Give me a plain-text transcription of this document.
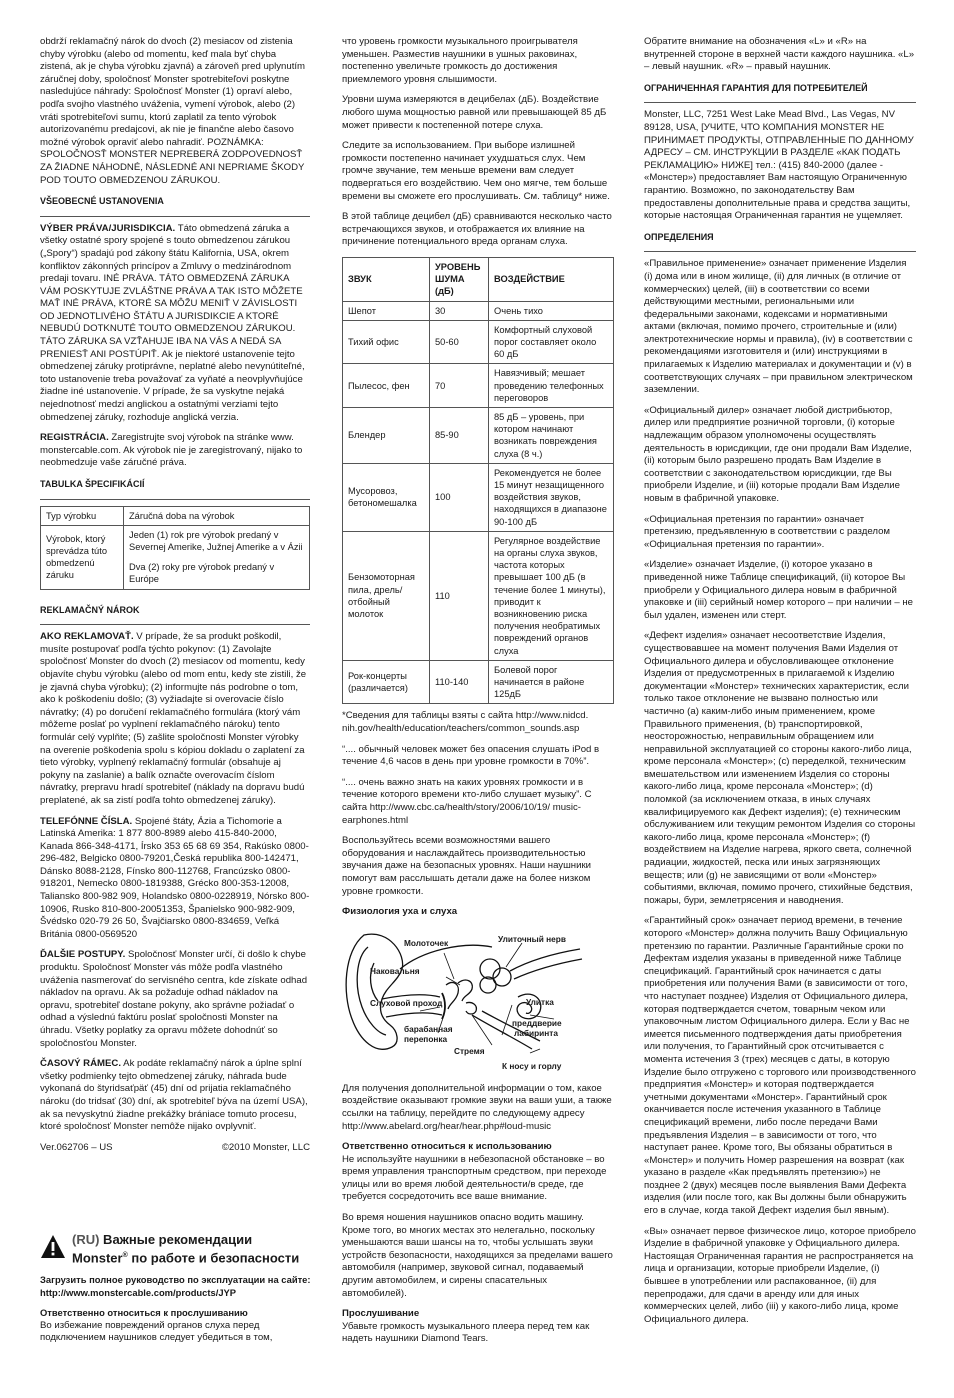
obdrží reklamačný nárok do dvoch (2) mesiacov od zistenia chyby výrobku (alebo od momentu, keď mala byť chyba zistená, ak je chyba výrobku zjavná) a zároveň pred uplynutím záručnej doby, spoločnosť Monster spotrebiteľovi poskytne nasledujúce náhrady: Spoločnosť Monster (1) opraví alebo, podľa svojho vlastného uváženia, vymení výrobok, alebo (2) vráti spotrebiteľovi sumu, ktorú zaplatil za tento výrobok autorizovanému predajcovi, ak nie je finančne alebo časovo možné výrobok opraviť alebo nahradiť. POZNÁMKA: SPOLOČNOSŤ MONSTER NEPREBERÁ ZODPOVEDNOSŤ ZA ŽIADNE NÁHODNÉ, NÁSLEDNÉ ANI NEPRIAME ŠKODY POD TOUTO OBMEDZENOU ZÁRUKOU.

VŠEOBECNÉ USTANOVENIA

VÝBER PRÁVA/JURISDIKCIA. Táto obmedzená záruka a všetky ostatné spory spojené s touto obmedzenou zárukou („Spory“) spadajú pod zákony štátu Kalifornia, USA, okrem konfliktov zákonných princípov a Zmluvy o medzinárodnom predaji tovaru. INÉ PRÁVA. TÁTO OBMEDZENÁ ZÁRUKA VÁM POSKYTUJE ZVLÁŠTNE PRÁVA A TAK ISTO MÔŽETE MAŤ INÉ PRÁVA, KTORÉ SA MÔŽU MENIŤ V ZÁVISLOSTI OD JEDNOTLIVÉHO ŠTÁTU A JURISDIKCIE A KTORÉ NEBUDÚ DOTKNUTÉ TOUTO OBMEDZENOU ZÁRUKOU. TÁTO ZÁRUKA SA VZŤAHUJE IBA NA VÁS A NEDÁ SA PRENIESŤ ANI POSTÚPIŤ. Ak je niektoré ustanovenie tejto obmedzenej záruky protiprávne, neplatné alebo nevynútiteľné, toto ustanovenie treba považovať za vyňaté a neovplyvňujúce žiadne iné ustanovenie. V prípade, že sa vyskytne nejaká nejednotnosť medzi anglickou a ostatnými verziami tejto obmedzenej záruky, rozhoduje anglická verzia.

REGISTRÁCIA. Zaregistrujte svoj výrobok na stránke www. monstercable.com. Ak výrobok nie je zaregistrovaný, nijako to neobmedzuje vaše záručné práva.

TABULKA ŠPECIFIKÁCIÍ
Typ výrobku	Záručná doba na výrobok
Výrobok, ktorý sprevádza túto obmedzenú záruku	Jeden (1) rok pre výrobok predaný v Severnej Amerike, Južnej Amerike a v Ázii
Dva (2) roky pre výrobok predaný v Európe
REKLAMAČNÝ NÁROK

AKO REKLAMOVAŤ. V prípade, že sa produkt poškodil, musíte postupovať podľa týchto pokynov: (1) Zavolajte spoločnosť Monster do dvoch (2) mesiacov od momentu, kedy objavíte chybu výrobku (alebo od mom entu, kedy ste zistili, že je zjavná chyba výrobku); (2) informujte nás podrobne o tom, ako k poškodeniu došlo; (3) vyžiadajte si overovacie číslo návratky; (4) po doručení reklamačného formulára (ktorý vám môžeme poslať po vyplnení reklamačného nároku) tento formulár celý vyplňte; (5) zašlite spoločnosti Monster výrobky na overenie poškodenia spolu s kópiou dokladu o zaplatení za tieto výrobky, vyplnený reklamačný formulár (obsahuje aj pokyny na zaslanie) a balík označte overovacím číslom návratky, prepravu hradí spotrebiteľ (náklady na dopravu budú preplatené, ak sa zistí podľa tohto obmedzenej záruky).

TELEFÓNNE ČÍSLA. Spojené štáty, Ázia a Tichomorie a Latinská Amerika: 1 877 800-8989 alebo 415-840-2000, Kanada 866-348-4171, Írsko 353 65 68 69 354, Rakúsko 0800-296-482, Belgicko 0800-79201,Česká republika 800-142471, Dánsko 8088-2128, Fínsko 800-112768, Francúzsko 0800-918201, Nemecko 0800-1819388, Grécko 800-353-12008, Taliansko 800-982 909, Holandsko 0800-0228919, Nórsko 800-10906, Rusko 810-800-20051353, Španielsko 900-982-909, Švédsko 020-79 26 50, Švajčiarsko 0800-834659, Veľká Británia 0800-0569520

ĎALŠIE POSTUPY. Spoločnosť Monster určí, či došlo k chybe produktu. Spoločnosť Monster vás môže podľa vlastného uváženia nasmerovať do servisného centra, kde získate odhad nákladov na opravu. Ak sa požaduje odhad nákladov na opravu, spotrebiteľ dostane pokyny, ako správne požiadať o odhad a výslednú faktúru poslať spoločnosti Monster na úhradu. Všetky poplatky za opravu môžete dohodnúť so spoločnosťou Monster.

ČASOVÝ RÁMEC. Ak podáte reklamačný nárok a úplne splní všetky podmienky tejto obmedzenej záruky, náhrada bude vykonaná do štyridsaťpäť (45) dní od prijatia reklamačného nároku (do tridsať (30) dní, ak spotrebiteľ býva na území USA), ak sa nevyskytnú žiadne prekážky brániace tomuto procesu, ktoré spoločnosť Monster nemôže nijako ovplyvniť.

Ver.062706 – US	©2010 Monster, LLC
(RU) Важные рекомендации
Monster® по работе и безопасности
Загрузить полное руководство по эксплуатации на сайте: http://www.monstercable.com/products/JYP
Ответственно относиться к прослушиванию

Во избежание повреждений органов слуха перед подключением наушников следует убедиться в том,

что уровень громкости музыкального проигрывателя уменьшен. Разместив наушники в ушных раковинах, постепенно увеличьте громкость до достижения приемлемого уровня слышимости.

Уровни шума измеряются в децибелах (дБ). Воздействие любого шума мощностью равной или превышающей 85 дБ может привести к постепенной потере слуха.

Следите за использованием. При выборе излишней громкости постепенно начинает ухудшаться слух. Чем громче звучание, тем меньше времени вам следует подвергаться его воздействию. Чем оно мягче, тем больше времени вы сможете его прослушивать. См. таблицу* ниже.

В этой таблице децибел (дБ) сравниваются несколько часто встречающихся звуков, и отображается их влияние на причинение потенциального вреда органам слуха.

ЗВУК	УРОВЕНЬ ШУМА (дБ)	ВОЗДЕЙСТВИЕ
Шепот	30	Очень тихо
Тихий офис	50-60	Комфортный слуховой порог составляет около 60 дБ
Пылесос, фен	70	Навязчивый; мешает проведению телефонных переговоров
Блендер	85-90	85 дБ – уровень, при котором начинают возникать повреждения слуха (8 ч.)
Мусоровоз, бетономешалка	100	Рекомендуется не более 15 минут незащищенного воздействия звуков, находящихся в диапазоне 90-100 дБ
Бензомоторная пила, дрель/ отбойный молоток	110	Регулярное воздействие на органы слуха звуков, частота которых превышает 100 дБ (в течение более 1 минуты), приводит к возникновению риска получения необратимых повреждений органов слуха
Рок-концерты (различается)	110-140	Болевой порог начинается в районе 125дБ

*Сведения для таблицы взяты с сайта http://www.nidcd. nih.gov/health/education/teachers/common_sounds.asp

“.... обычный человек может без опасения слушать iPod в течение 4,6 часов в день при уровне громкости в 70%”.

“.... очень важно знать на каких уровнях громкости и в течение которого времени кто-либо слушает музыку”. С сайта http://www.cbc.ca/health/story/2006/10/19/ music-earphones.html

Воспользуйтесь всеми возможностями вашего оборудования и наслаждайтесь производительностью звучания даже на безопасных уровнях. Наши наушники помогут вам расслышать детали даже на более низком уровне громкости.

Физиология уха и слуха
Молоточек	Улиточный нерв
Наковальня
Слуховой проход	Улитка
барабанная
перепонка
преддверие
лабиринта
Стремя
К носу и горлу

Для получения дополнительной информации о том, какое воздействие оказывают громкие звуки на ваши уши, а также ссылки на таблицу, перейдите по следующему адресу http://www.abelard.org/hear/hear.php#loud-music

Ответственно относиться к использованию

Не используйте наушники в небезопасной обстановке – во время управления транспортным средством, при переходе улицы или во время любой деятельности/в среде, где требуется сосредоточить все ваше внимание.

Во время ношения наушников опасно водить машину. Кроме того, во многих местах это нелегально, поскольку уменьшаются ваши шансы на то, чтобы услышать звуки устройств безопасности, находящихся за пределами вашего автомобиля (например, звуковой сигнал, подаваемый другим автомобилем, и сирены спасательных автомобилей).

Прослушивание

Убавьте громкость музыкального плеера перед тем как надеть наушники Diamond Tears.

Обратите внимание на обозначения «L» и «R» на внутренней стороне в верхней части каждого наушника. «L» – левый наушник. «R» – правый наушник.

ОГРАНИЧЕННАЯ ГАРАНТИЯ ДЛЯ ПОТРЕБИТЕЛЕЙ

Monster, LLC, 7251 West Lake Mead Blvd., Las Vegas, NV 89128, USA, [УЧИТЕ, ЧТО КОМПАНИЯ MONSTER НЕ ПРИНИМАЕТ ПРОДУКТЫ, ОТПРАВЛЕННЫЕ ПО ДАННОМУ АДРЕСУ – СМ. ИНСТРУКЦИИ В РАЗДЕЛЕ «КАК ПОДАТЬ РЕКЛАМАЦИЮ» НИЖЕ] тел.: (415) 840-2000 (далее - «Монстер») предоставляет Вам настоящую Ограниченную гарантию. Возможно, по законодательству Вам предоставлены дополнительные права и средства защиты, которые настоящая Ограниченная гарантия не ущемляет.

ОПРЕДЕЛЕНИЯ

«Правильное применение» означает применение Изделия (i) дома или в ином жилище, (ii) для личных (в отличие от коммерческих) целей, (iii) в соответствии со всеми действующими местными, региональными или федеральными законами, кодексами и нормативными актами (включая, помимо прочего, строительные и (или) электротехнические нормы и правила), (iv) в соответствии с рекомендациями изготовителя и (или) инструкциями в прилагаемых к Изделию материалах и документации и (v) в соответствующих случаях – при правильном электрическом заземлении.

«Официальный дилер» означает любой дистрибьютор, дилер или предприятие розничной торговли, (i) которые надлежащим образом уполномочены осуществлять деятельность в юрисдикции, где они продали Вам Изделие, (ii) которым было разрешено продать Вам Изделие в соответствии с законодательством юрисдикции, где Вы приобрели Изделие, и (iii) которые продали Вам Изделие новым в фабричной упаковке.

«Официальная претензия по гарантии» означает претензию, предъявленную в соответствии с разделом «Официальная претензия по гарантии».

«Изделие» означает Изделие, (i) которое указано в приведенной ниже Таблице спецификаций, (ii) которое Вы приобрели у Официального дилера новым в фабричной упаковке и (iii) серийный номер которого – при наличии – не был удален, изменен или стерт.

«Дефект изделия» означает несоответствие Изделия, существовавшее на момент получения Вами Изделия от Официального дилера и обусловливающее отклонение Изделия от предусмотренных в прилагаемой к Изделию документации «Монстер» технических характеристик, если только такое отклонение не вызвано полностью или частично (a) каким-либо иным применением, кроме Правильного применения, (b) транспортировкой, неосторожностью, неправильным обращением или неправильной эксплуатацией со стороны какого-либо лица, кроме персонала «Монстер»; (c) переделкой, техническим вмешательством или изменением Изделия со стороны какого-либо лица, кроме персонала «Монстер»; (d) поломкой (за исключением отказа, в иных случаях квалифицируемого как Дефект изделия); (e) техническим обслуживанием или текущим ремонтом Изделия со стороны какого-либо лица, кроме персонала «Монстер»; (f) воздействием на Изделие нагрева, яркого света, солнечной радиации, жидкостей, песка или иных загрязняющих веществ; или (g) не зависящими от воли «Монстер» событиями, включая, помимо прочего, стихийные бедствия, пожары, бури, землетрясения и наводнения.

«Гарантийный срок» означает период времени, в течение которого «Монстер» должна получить Вашу Официальную претензию по гарантии. Различные Гарантийные сроки по Дефектам изделия указаны в приведенной ниже Таблице спецификаций. Гарантийный срок начинается с даты приобретения или получения Вами (в зависимости от того, что наступает позднее) Изделия от Официального дилера, которая подтверждается счетом, товарным чеком или упаковочным листом Официального дилера. Если у Вас не имеется письменного подтверждения даты приобретения или получения, то Гарантийный срок отсчитывается с момента истечения 3 (трех) месяцев с даты, в которую Изделие было отгружено с торгового или производственного предприятия «Монстер» и которая подтверждается учетными документами «Монстер». Гарантийный срок оканчивается после истечения указанного в Таблице спецификаций времени, либо после передачи Вами предъявления Изделия – в зависимости от того, что наступает ранее. Кроме того, Вы обязаны обратиться в «Монстер» и получить Номер разрешения на возврат (как указано в разделе «Как предъявлять претензию») не позднее 2 (двух) месяцев после выявления Вами Дефекта изделия (или после того, как Вы должны были обнаружить его в случае, когда такой Дефект изделия был явным).

«Вы» означает первое физическое лицо, которое приобрело Изделие в фабричной упаковке у Официального дилера. Настоящая Ограниченная гарантия не распространяется на лица и организации, которые приобрели Изделие, (i) бывшее в употреблении или распакованное, (ii) для перепродажи, для сдачи в аренду или для иных коммерческих целей, либо (iii) у какого-либо лица, кроме Официального дилера.
